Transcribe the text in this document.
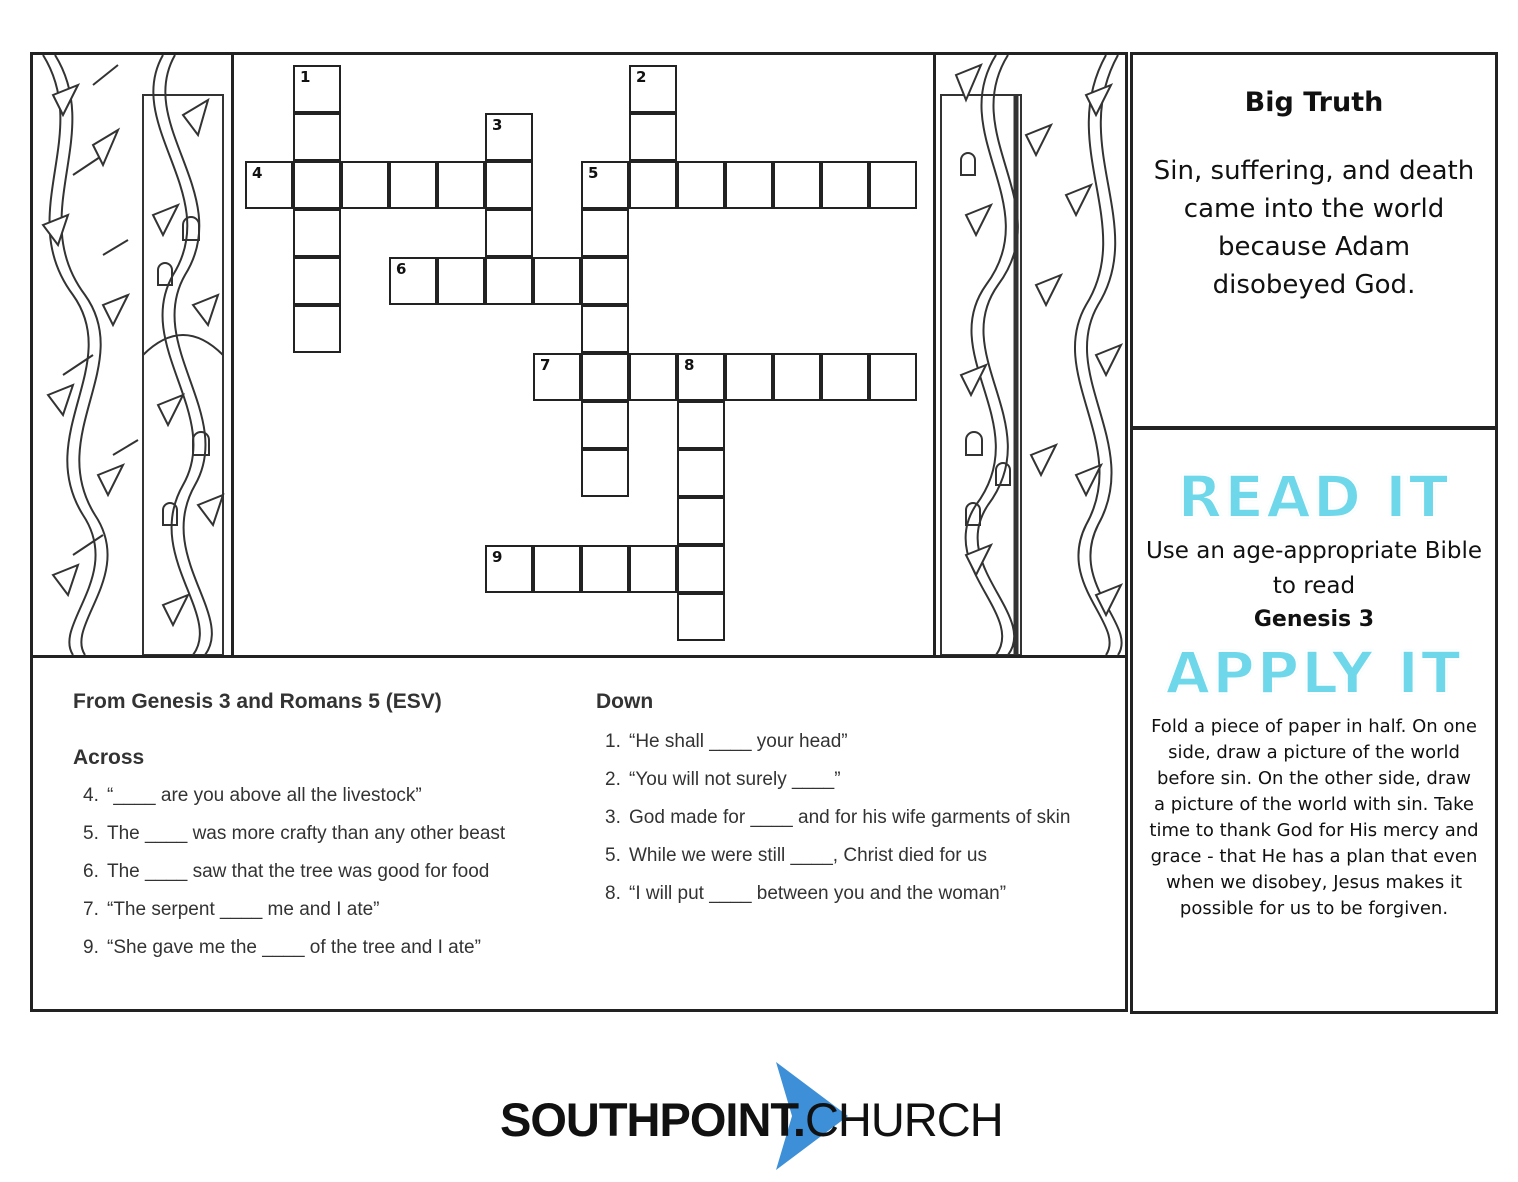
1
4
3
6
2
5
7	8
9
From Genesis 3 and Romans 5 (ESV)
Across
4. “____ are you above all the livestock”
5. The ____ was more crafty than any other beast
6. The ____ saw that the tree was good for food
7. “The serpent ____ me and I ate”
9. “She gave me the ____ of the tree and I ate”
Down
1. “He shall ____ your head”
2. “You will not surely ____”
3. God made for ____ and for his wife garments of skin
5. While we were still ____, Christ died for us
8. “I will put ____ between you and the woman”
Big Truth
Sin, suffering, and death came into the world because Adam disobeyed God.
READ IT
Use an age-appropriate Bible to read
Genesis 3
APPLY IT
Fold a piece of paper in half. On one side, draw a picture of the world before sin. On the other side, draw a picture of the world with sin. Take time to thank God for His mercy and grace - that He has a plan that even when we disobey, Jesus makes it possible for us to be forgiven.
SOUTHPOINT.CHURCH
